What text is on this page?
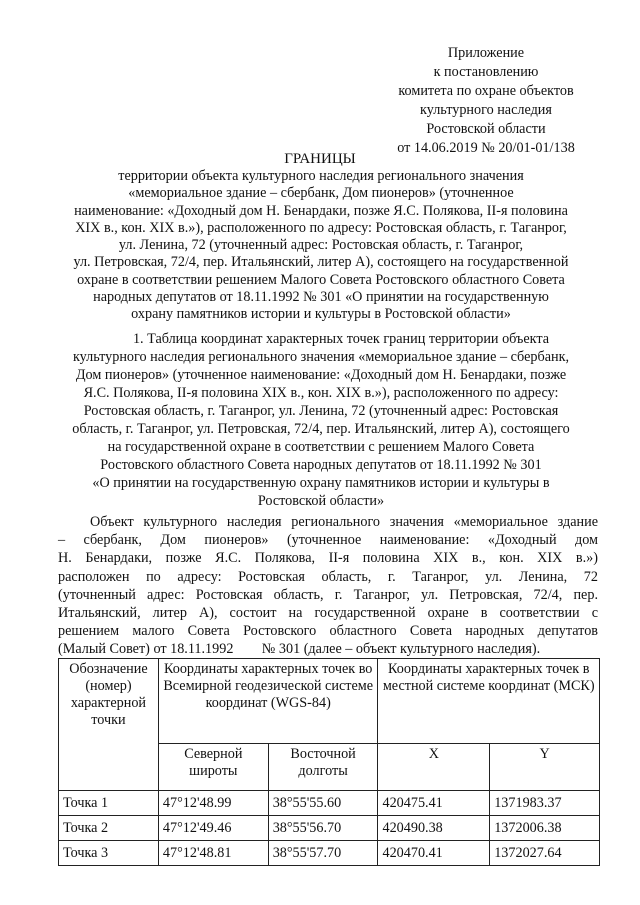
Приложение
к постановлению
комитета по охране объектов
культурного наследия
Ростовской области
от 14.06.2019 № 20/01-01/138
ГРАНИЦЫ
территории объекта культурного наследия регионального значения
«мемориальное здание – сбербанк, Дом пионеров» (уточненное
наименование: «Доходный дом Н. Бенардаки, позже Я.С. Полякова, II-я половина
XIX в., кон. XIX в.»), расположенного по адресу: Ростовская область, г. Таганрог,
ул. Ленина, 72 (уточненный адрес: Ростовская область, г. Таганрог,
ул. Петровская, 72/4, пер. Итальянский, литер А), состоящего на государственной
охране в соответствии решением Малого Совета Ростовского областного Совета
народных депутатов от 18.11.1992 № 301 «О принятии на государственную
охрану памятников истории и культуры в Ростовской области»
1. Таблица координат характерных точек границ территории объекта
культурного наследия регионального значения «мемориальное здание – сбербанк,
Дом пионеров» (уточненное наименование: «Доходный дом Н. Бенардаки, позже
Я.С. Полякова, II-я половина XIX в., кон. XIX в.»), расположенного по адресу:
Ростовская область, г. Таганрог, ул. Ленина, 72 (уточненный адрес: Ростовская
область, г. Таганрог, ул. Петровская, 72/4, пер. Итальянский, литер А), состоящего
на государственной охране в соответствии с решением Малого Совета
Ростовского областного Совета народных депутатов от 18.11.1992 № 301
«О принятии на государственную охрану памятников истории и культуры в
Ростовской области»
Объект культурного наследия регионального значения «мемориальное здание
– сбербанк, Дом пионеров» (уточненное наименование: «Доходный дом
Н. Бенардаки, позже Я.С. Полякова, II-я половина XIX в., кон. XIX в.»)
расположен по адресу: Ростовская область, г. Таганрог, ул. Ленина, 72
(уточненный адрес: Ростовская область, г. Таганрог, ул. Петровская, 72/4, пер.
Итальянский, литер А), состоит на государственной охране в соответствии с
решением малого Совета Ростовского областного Совета народных депутатов
(Малый Совет) от 18.11.1992        № 301 (далее – объект культурного наследия).
Обозначение (номер) характерной точки	Координаты характерных точек во Всемирной геодезической системе координат (WGS-84)		Координаты характерных точек в местной системе координат (МСК)	
	Северной широты	Восточной долготы	X	Y
Точка 1	47°12'48.99	38°55'55.60	420475.41	1371983.37
Точка 2	47°12'49.46	38°55'56.70	420490.38	1372006.38
Точка 3	47°12'48.81	38°55'57.70	420470.41	1372027.64
